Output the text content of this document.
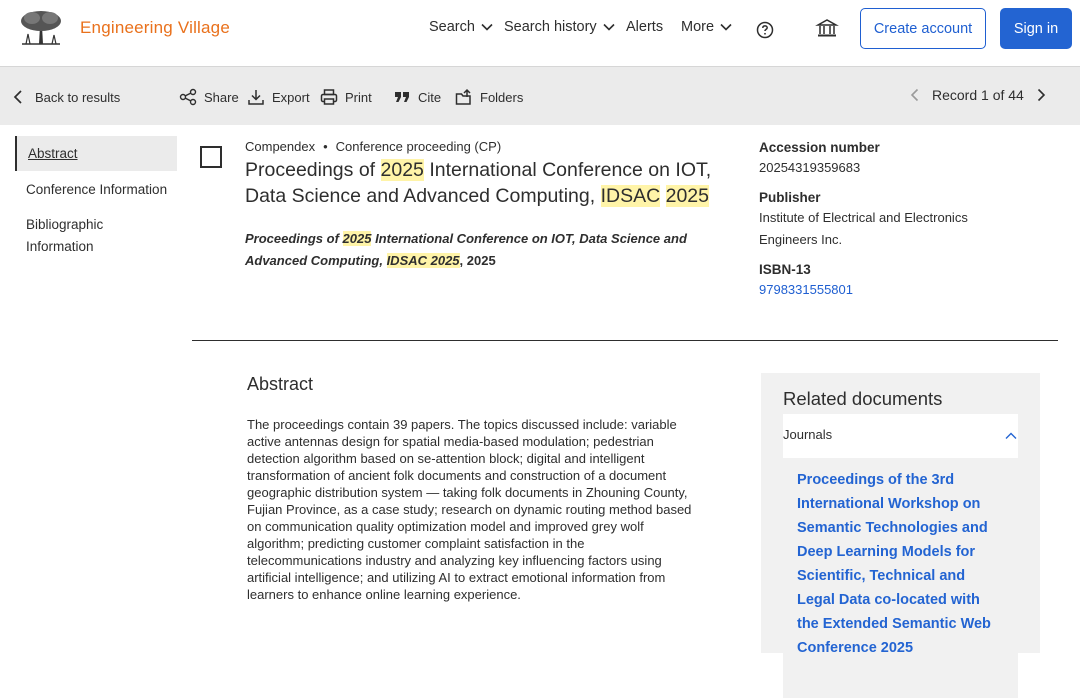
Engineering Village	Search Search history Alerts More	Create account	Sign in
Back to results	Share	Export	Print	Cite	Folders	Record 1 of 44
Abstract
Conference Information
Bibliographic
Information
Compendex • Conference proceeding (CP)
Proceedings of 2025 International Conference on IOT, Data Science and Advanced Computing, IDSAC 2025
Proceedings of 2025 International Conference on IOT, Data Science and Advanced Computing, IDSAC 2025, 2025
Accession number
20254319359683
Publisher
Institute of Electrical and Electronics
Engineers Inc.
ISBN-13
9798331555801
Abstract
The proceedings contain 39 papers. The topics discussed include: variable
active antennas design for spatial media-based modulation; pedestrian
detection algorithm based on se-attention block; digital and intelligent
transformation of ancient folk documents and construction of a document
geographic distribution system — taking folk documents in Zhouning County,
Fujian Province, as a case study; research on dynamic routing method based
on communication quality optimization model and improved grey wolf
algorithm; predicting customer complaint satisfaction in the
telecommunications industry and analyzing key influencing factors using
artificial intelligence; and utilizing AI to extract emotional information from
learners to enhance online learning experience.
Related documents
Journals
Proceedings of the 3rd
International Workshop on
Semantic Technologies and
Deep Learning Models for
Scientific, Technical and
Legal Data co-located with
the Extended Semantic Web
Conference 2025
